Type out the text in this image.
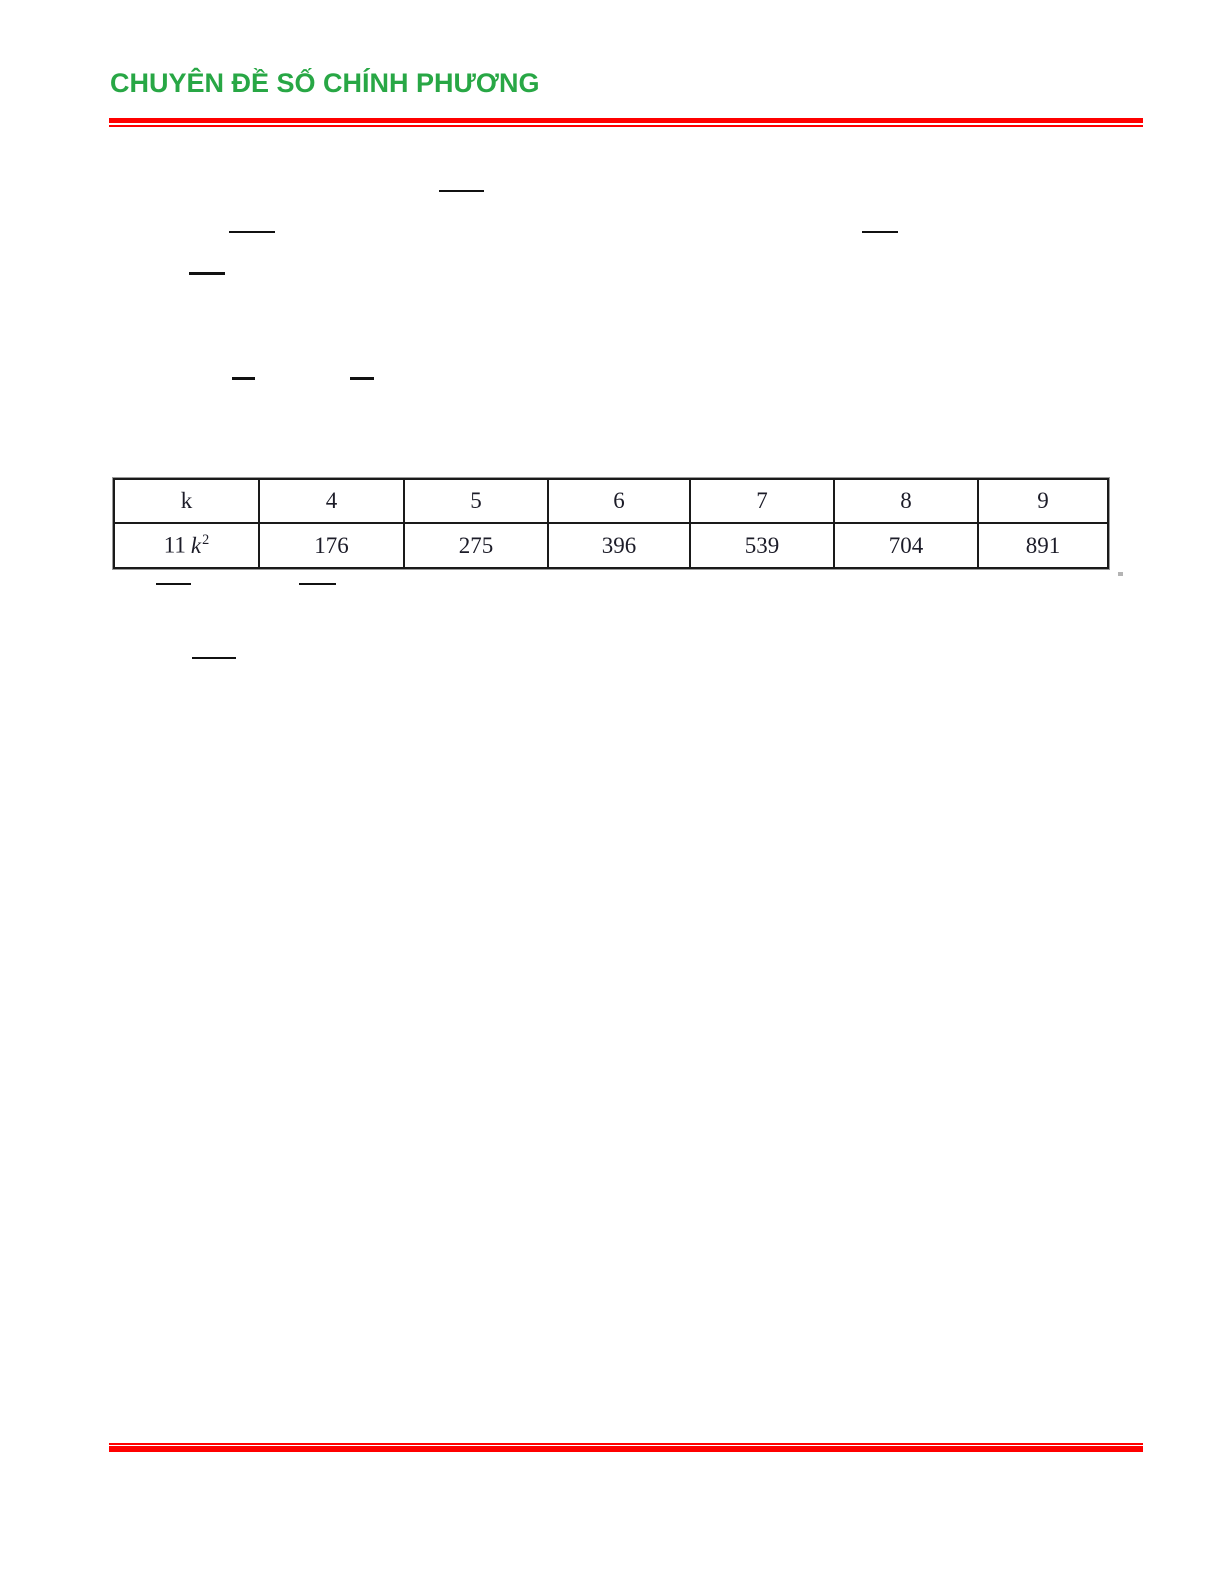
CHUYÊN ĐỀ SỐ CHÍNH PHƯƠNG
k	4	5	6	7	8	9
11 $k^2$	176	275	396	539	704	891
